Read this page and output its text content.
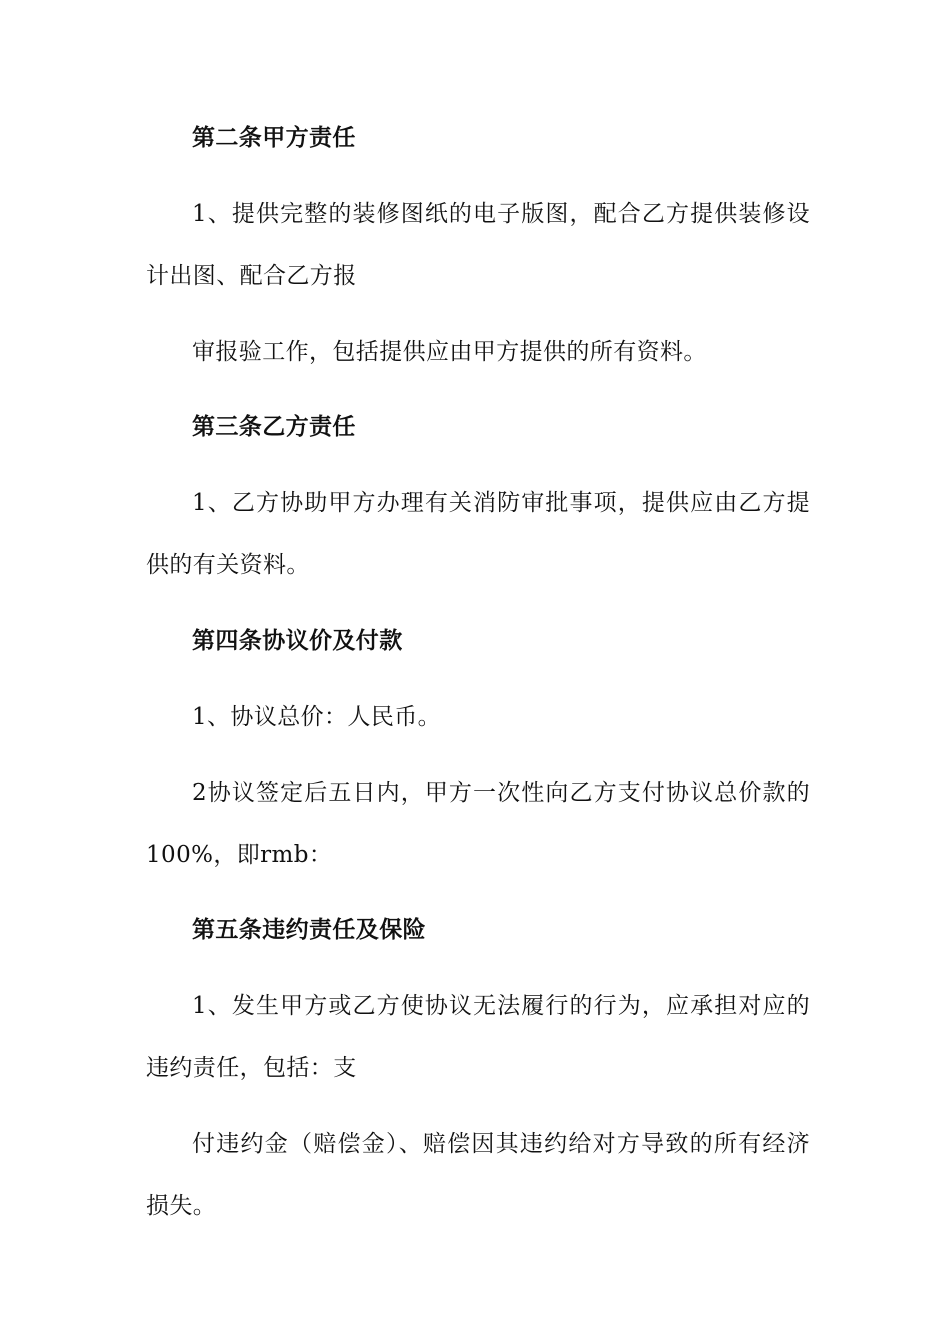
第二条甲方责任

1、提供完整的装修图纸的电子版图，配合乙方提供装修设计出图、配合乙方报

审报验工作，包括提供应由甲方提供的所有资料。

第三条乙方责任

1、乙方协助甲方办理有关消防审批事项，提供应由乙方提供的有关资料。

第四条协议价及付款

1、协议总价：人民币。

2协议签定后五日内，甲方一次性向乙方支付协议总价款的100%，即rmb：

第五条违约责任及保险

1、发生甲方或乙方使协议无法履行的行为，应承担对应的违约责任，包括：支

付违约金（赔偿金）、赔偿因其违约给对方导致的所有经济损失。
